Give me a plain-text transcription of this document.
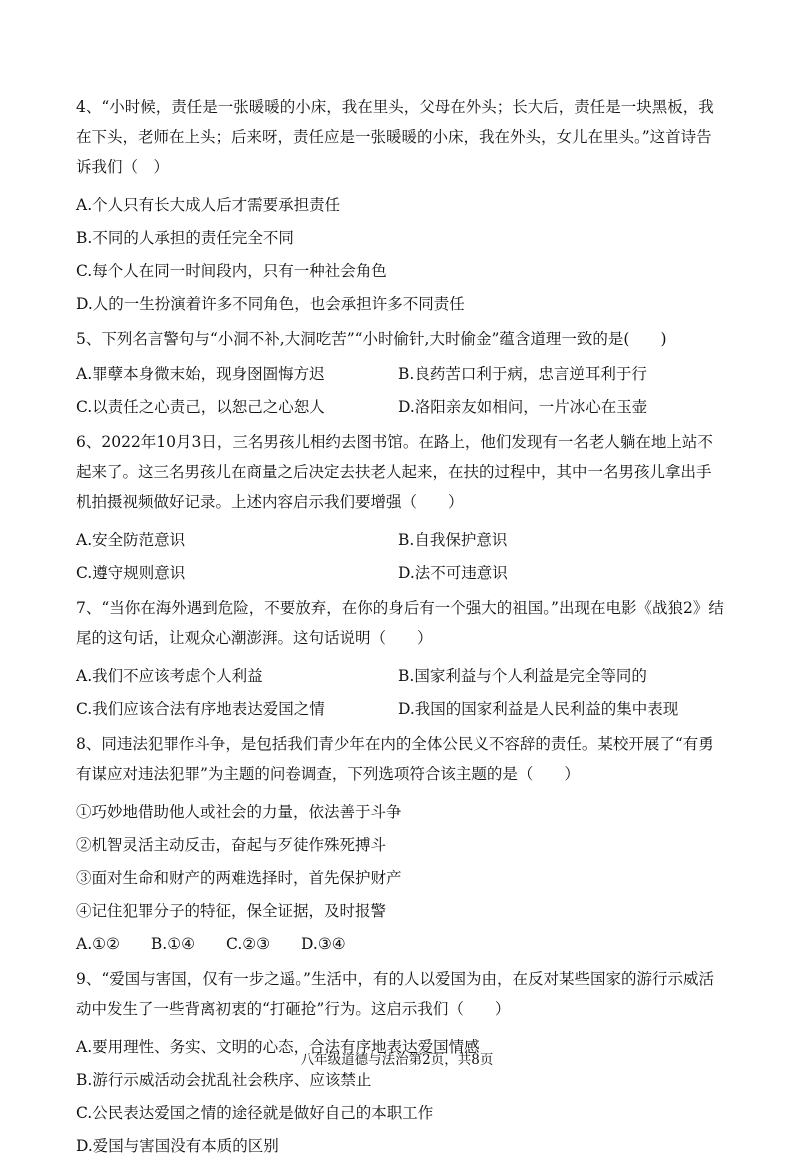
4、“小时候，责任是一张暖暖的小床，我在里头，父母在外头；长大后，责任是一块黑板，我在下头，老师在上头；后来呀，责任应是一张暖暖的小床，我在外头，女儿在里头。”这首诗告诉我们（　）

A.个人只有长大成人后才需要承担责任

B.不同的人承担的责任完全不同

C.每个人在同一时间段内，只有一种社会角色

D.人的一生扮演着许多不同角色，也会承担许多不同责任

5、下列名言警句与“小洞不补,大洞吃苦”“小时偷针,大时偷金”蕴含道理一致的是(　　)

A.罪孽本身微末始，现身囹圄悔方迟	B.良药苦口利于病，忠言逆耳利于行

C.以责任之心责己，以恕己之心恕人	D.洛阳亲友如相问，一片冰心在玉壶

6、2022年10月3日，三名男孩儿相约去图书馆。在路上，他们发现有一名老人躺在地上站不起来了。这三名男孩儿在商量之后决定去扶老人起来，在扶的过程中，其中一名男孩儿拿出手机拍摄视频做好记录。上述内容启示我们要增强（　　）

A.安全防范意识	B.自我保护意识

C.遵守规则意识	D.法不可违意识

7、“当你在海外遇到危险，不要放弃，在你的身后有一个强大的祖国。”出现在电影《战狼2》结尾的这句话，让观众心潮澎湃。这句话说明（　　）

A.我们不应该考虑个人利益	B.国家利益与个人利益是完全等同的

C.我们应该合法有序地表达爱国之情	D.我国的国家利益是人民利益的集中表现

8、同违法犯罪作斗争，是包括我们青少年在内的全体公民义不容辞的责任。某校开展了“有勇有谋应对违法犯罪”为主题的问卷调查，下列选项符合该主题的是（　　）

①巧妙地借助他人或社会的力量，依法善于斗争

②机智灵活主动反击，奋起与歹徒作殊死搏斗

③面对生命和财产的两难选择时，首先保护财产

④记住犯罪分子的特征，保全证据，及时报警

A.①②　　B.①④　　C.②③　　D.③④

9、“爱国与害国，仅有一步之遥。”生活中，有的人以爱国为由，在反对某些国家的游行示威活动中发生了一些背离初衷的“打砸抢”行为。这启示我们（　　）

A.要用理性、务实、文明的心态，合法有序地表达爱国情感

B.游行示威活动会扰乱社会秩序、应该禁止

C.公民表达爱国之情的途径就是做好自己的本职工作

D.爱国与害国没有本质的区别

八年级道德与法治第2页，共8页
